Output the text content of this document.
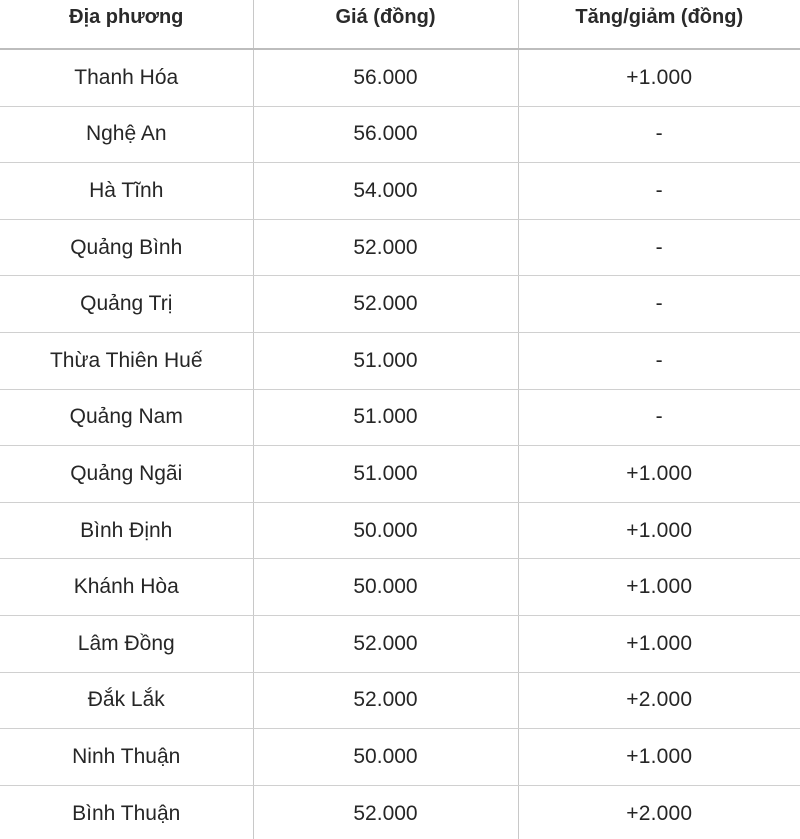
Địa phương	Giá (đồng)	Tăng/giảm (đồng)
Thanh Hóa	56.000	+1.000
Nghệ An	56.000	-
Hà Tĩnh	54.000	-
Quảng Bình	52.000	-
Quảng Trị	52.000	-
Thừa Thiên Huế	51.000	-
Quảng Nam	51.000	-
Quảng Ngãi	51.000	+1.000
Bình Định	50.000	+1.000
Khánh Hòa	50.000	+1.000
Lâm Đồng	52.000	+1.000
Đắk Lắk	52.000	+2.000
Ninh Thuận	50.000	+1.000
Bình Thuận	52.000	+2.000
